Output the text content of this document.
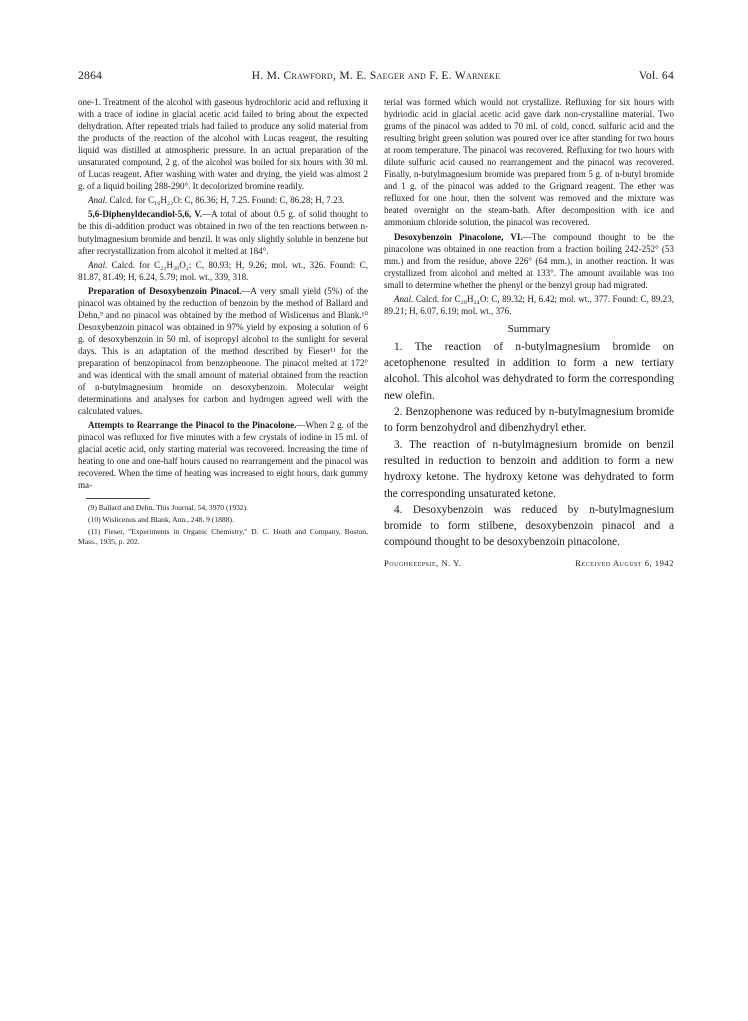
2864	H. M. Crawford, M. E. Saeger and F. E. Warneke	Vol. 64

one-1. Treatment of the alcohol with gaseous hydrochloric acid and refluxing it with a trace of iodine in glacial acetic acid failed to bring about the expected dehydration. After repeated trials had failed to produce any solid material from the products of the reaction of the alcohol with Lucas reagent, the resulting liquid was distilled at atmospheric pressure. In an actual preparation of the unsaturated compound, 2 g. of the alcohol was boiled for six hours with 30 ml. of Lucas reagent. After washing with water and drying, the yield was almost 2 g. of a liquid boiling 288-290°. It decolorized bromine readily.

Anal. Calcd. for C₁₆H₂₂O: C, 86.36; H, 7.25. Found: C, 86.28; H, 7.23.

5,6-Diphenyldecandiol-5,6, V.—A total of about 0.5 g. of solid thought to be this di-addition product was obtained in two of the ten reactions between n-butylmagnesium bromide and benzil. It was only slightly soluble in benzene but after recrystallization from alcohol it melted at 184°.

Anal. Calcd. for C₂₂H₃₀O₂: C, 80.93; H, 9.26; mol. wt., 326. Found: C, 81.87, 81.49; H, 6.24, 5.79; mol. wt., 339, 318.

Preparation of Desoxybenzoin Pinacol.—A very small yield (5%) of the pinacol was obtained by the reduction of benzoin by the method of Ballard and Dehn,⁹ and no pinacol was obtained by the method of Wislicenus and Blank.¹⁰ Desoxybenzoin pinacol was obtained in 97% yield by exposing a solution of 6 g. of desoxybenzoin in 50 ml. of isopropyl alcohol to the sunlight for several days. This is an adaptation of the method described by Fieser¹¹ for the preparation of benzopinacol from benzophenone. The pinacol melted at 172° and was identical with the small amount of material obtained from the reaction of n-butylmagnesium bromide on desoxybenzoin. Molecular weight determinations and analyses for carbon and hydrogen agreed well with the calculated values.

Attempts to Rearrange the Pinacol to the Pinacolone.—When 2 g. of the pinacol was refluxed for five minutes with a few crystals of iodine in 15 ml. of glacial acetic acid, only starting material was recovered. Increasing the time of heating to one and one-half hours caused no rearrangement and the pinacol was recovered. When the time of heating was increased to eight hours, dark gummy ma-

(9) Ballard and Dehn, This Journal, 54, 3970 (1932).

(10) Wislicenus and Blank, Ann., 248, 9 (1888).

(11) Fieser, "Experiments in Organic Chemistry," D. C. Heath and Company, Boston, Mass., 1935, p. 202.

terial was formed which would not crystallize. Refluxing for six hours with hydriodic acid in glacial acetic acid gave dark non-crystalline material. Two grams of the pinacol was added to 70 ml. of cold, concd. sulfuric acid and the resulting bright green solution was poured over ice after standing for two hours at room temperature. The pinacol was recovered. Refluxing for two hours with dilute sulfuric acid caused no rearrangement and the pinacol was recovered. Finally, n-butylmagnesium bromide was prepared from 5 g. of n-butyl bromide and 1 g. of the pinacol was added to the Grignard reagent. The ether was refluxed for one hour, then the solvent was removed and the mixture was heated overnight on the steam-bath. After decomposition with ice and ammonium chloride solution, the pinacol was recovered.

Desoxybenzoin Pinacolone, VI.—The compound thought to be the pinacolone was obtained in one reaction from a fraction boiling 242-252° (53 mm.) and from the residue, above 226° (64 mm.), in another reaction. It was crystallized from alcohol and melted at 133°. The amount available was too small to determine whether the phenyl or the benzyl group had migrated.

Anal. Calcd. for C₂₈H₂₄O: C, 89.32; H, 6.42; mol. wt., 377. Found: C, 89.23, 89.21; H, 6.07, 6.19; mol. wt., 376.

Summary

1. The reaction of n-butylmagnesium bromide on acetophenone resulted in addition to form a new tertiary alcohol. This alcohol was dehydrated to form the corresponding new olefin.

2. Benzophenone was reduced by n-butylmagnesium bromide to form benzohydrol and dibenzhydryl ether.

3. The reaction of n-butylmagnesium bromide on benzil resulted in reduction to benzoin and addition to form a new hydroxy ketone. The hydroxy ketone was dehydrated to form the corresponding unsaturated ketone.

4. Desoxybenzoin was reduced by n-butylmagnesium bromide to form stilbene, desoxybenzoin pinacol and a compound thought to be desoxybenzoin pinacolone.

Poughkeepsie, N. Y.	Received August 6, 1942
